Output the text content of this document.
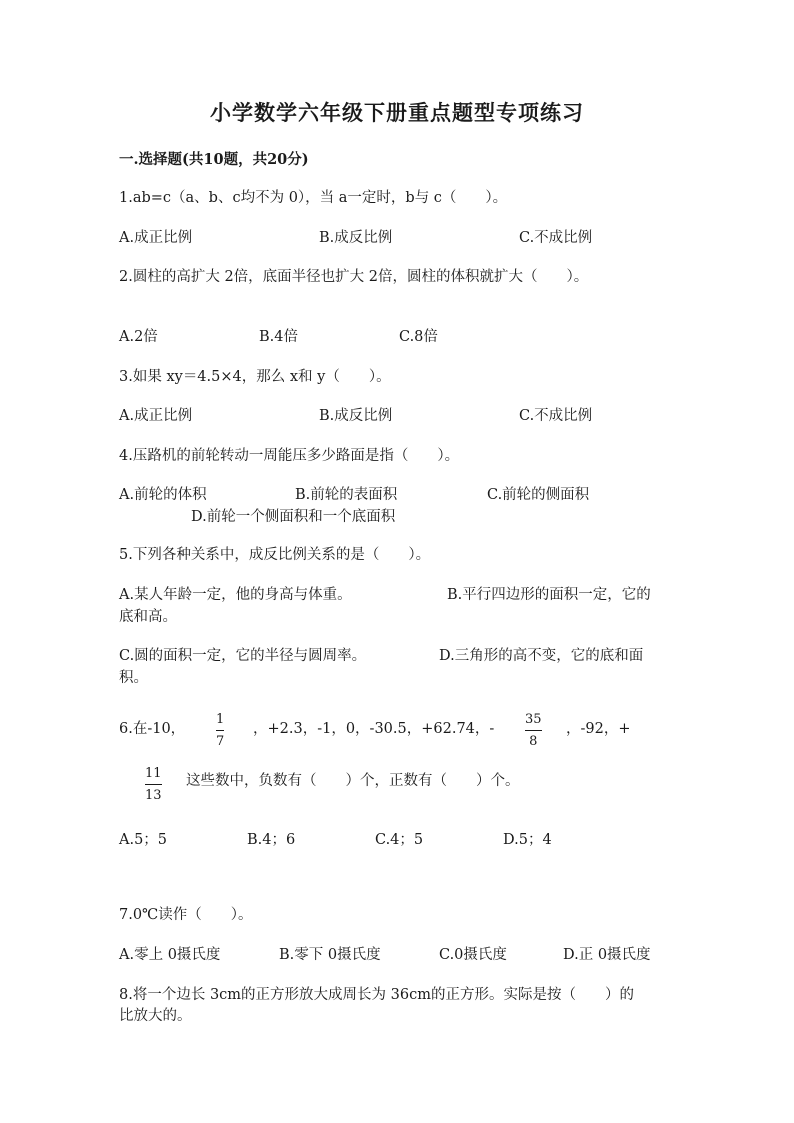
小学数学六年级下册重点题型专项练习
一.选择题(共10题，共20分)
1.ab=c（a、b、c均不为 0），当 a一定时，b与 c（　　）。
A.成正比例	B.成反比例	C.不成比例
2.圆柱的高扩大 2倍，底面半径也扩大 2倍，圆柱的体积就扩大（　　）。
A.2倍	B.4倍	C.8倍
3.如果 xy＝4.5×4，那么 x和 y（　　）。
A.成正比例	B.成反比例	C.不成比例
4.压路机的前轮转动一周能压多少路面是指（　　）。
A.前轮的体积	B.前轮的表面积	C.前轮的侧面积
D.前轮一个侧面积和一个底面积
5.下列各种关系中，成反比例关系的是（　　）。
A.某人年龄一定，他的身高与体重。	B.平行四边形的面积一定，它的
底和高。
C.圆的面积一定，它的半径与圆周率。	D.三角形的高不变，它的底和面
积。
6.在-10，
1
7
，+2.3，-1，0，-30.5，+62.74，-
35
8
，-92，+
11
13
这些数中，负数有（　　）个，正数有（　　）个。
A.5；5	B.4；6	C.4；5	D.5；4
7.0℃读作（　　）。
A.零上 0摄氏度	B.零下 0摄氏度	C.0摄氏度	D.正 0摄氏度
8.将一个边长 3cm的正方形放大成周长为 36cm的正方形。实际是按（　　）的
比放大的。
